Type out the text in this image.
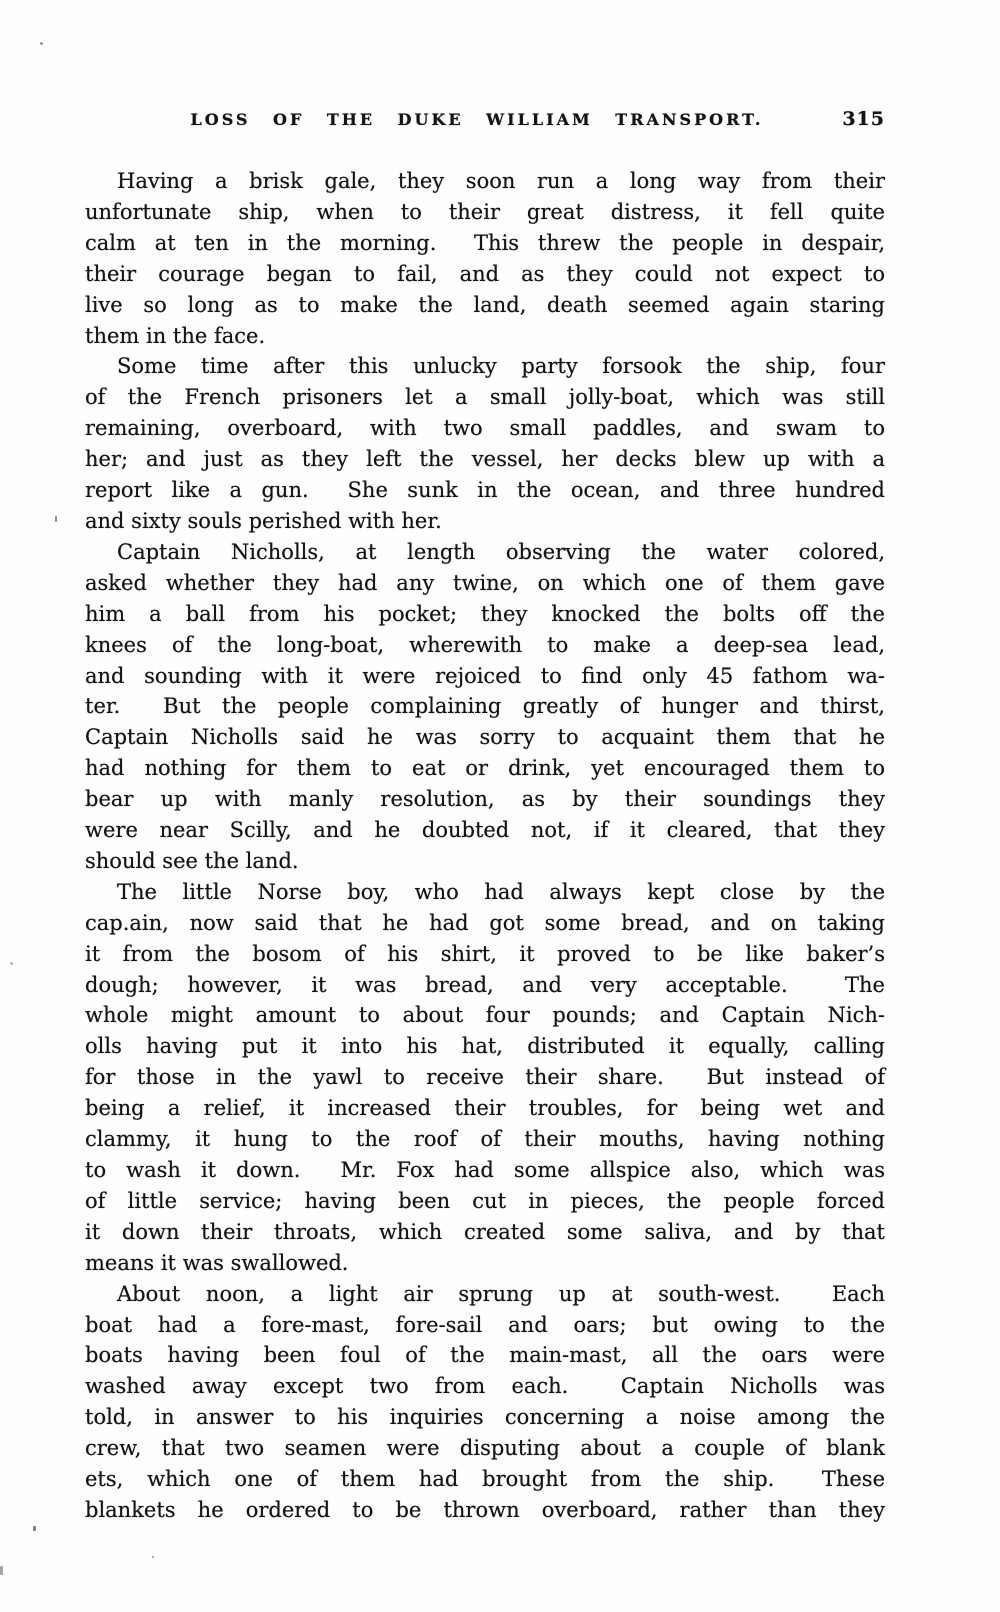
LOSS OF THE DUKE WILLIAM TRANSPORT.	315
Having a brisk gale, they soon run a long way from their
unfortunate ship, when to their great distress, it fell quite
calm at ten in the morning.  This threw the people in despair,
their courage began to fail, and as they could not expect to
live so long as to make the land, death seemed again staring
them in the face.
Some time after this unlucky party forsook the ship, four
of the French prisoners let a small jolly-boat, which was still
remaining, overboard, with two small paddles, and swam to
her; and just as they left the vessel, her decks blew up with a
report like a gun.  She sunk in the ocean, and three hundred
and sixty souls perished with her.
Captain Nicholls, at length observing the water colored,
asked whether they had any twine, on which one of them gave
him a ball from his pocket; they knocked the bolts off the
knees of the long-boat, wherewith to make a deep-sea lead,
and sounding with it were rejoiced to find only 45 fathom wa-
ter.  But the people complaining greatly of hunger and thirst,
Captain Nicholls said he was sorry to acquaint them that he
had nothing for them to eat or drink, yet encouraged them to
bear up with manly resolution, as by their soundings they
were near Scilly, and he doubted not, if it cleared, that they
should see the land.
The little Norse boy, who had always kept close by the
cap.ain, now said that he had got some bread, and on taking
it from the bosom of his shirt, it proved to be like baker’s
dough; however, it was bread, and very acceptable.  The
whole might amount to about four pounds; and Captain Nich-
olls having put it into his hat, distributed it equally, calling
for those in the yawl to receive their share.  But instead of
being a relief, it increased their troubles, for being wet and
clammy, it hung to the roof of their mouths, having nothing
to wash it down.  Mr. Fox had some allspice also, which was
of little service; having been cut in pieces, the people forced
it down their throats, which created some saliva, and by that
means it was swallowed.
About noon, a light air sprung up at south-west.  Each
boat had a fore-mast, fore-sail and oars; but owing to the
boats having been foul of the main-mast, all the oars were
washed away except two from each.  Captain Nicholls was
told, in answer to his inquiries concerning a noise among the
crew, that two seamen were disputing about a couple of blank
ets, which one of them had brought from the ship.  These
blankets he ordered to be thrown overboard, rather than they
